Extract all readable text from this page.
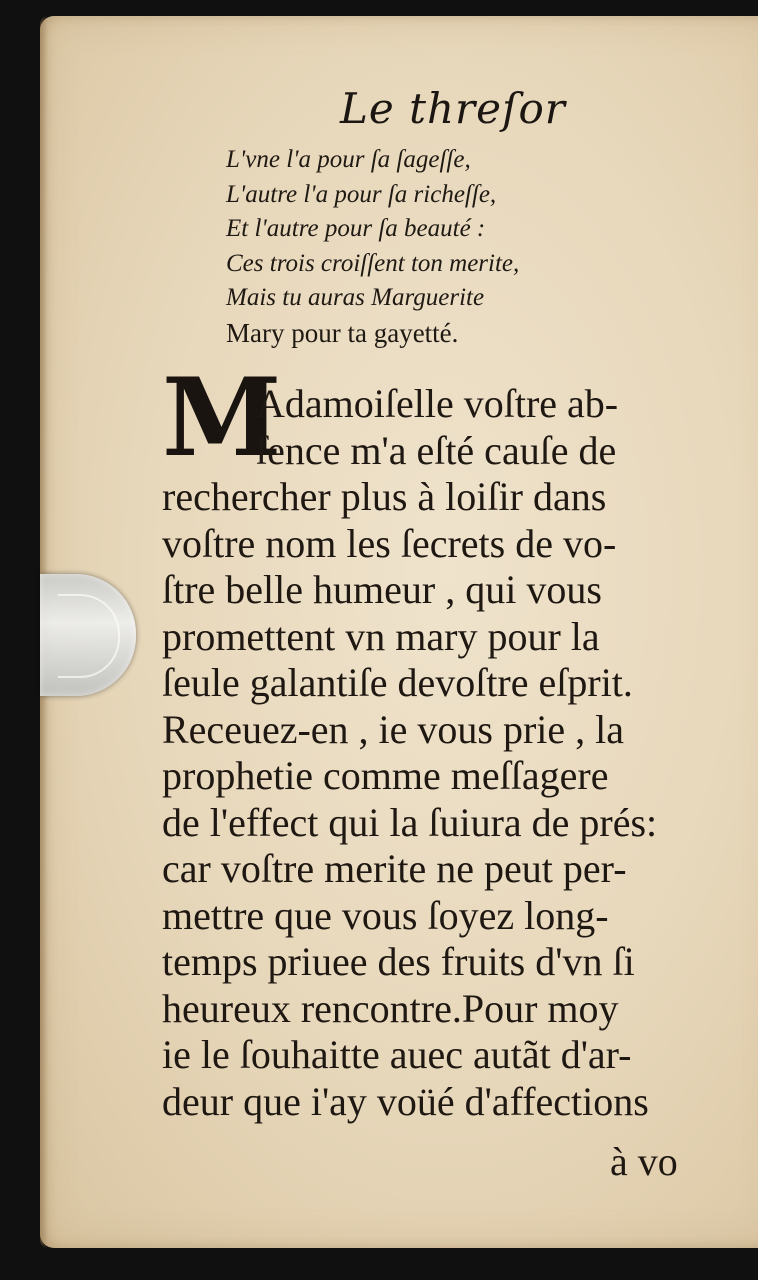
Le threſor
L'vne l'a pour ſa ſageſſe,
L'autre l'a pour ſa richeſſe,
Et l'autre pour ſa beauté :
Ces trois croiſſent ton merite,
Mais tu auras Marguerite
Mary pour ta gayetté.
M
Adamoiſelle voſtre ab-
ſence m'a eſté cauſe de
rechercher plus à loiſir dans
voſtre nom les ſecrets de vo-
ſtre belle humeur , qui vous
promettent vn mary pour la
ſeule galantiſe devoſtre eſprit.
Receuez-en , ie vous prie , la
prophetie comme meſſagere
de l'effect qui la ſuiura de prés:
car voſtre merite ne peut per-
mettre que vous ſoyez long-
temps priuee des fruits d'vn ſi
heureux rencontre.Pour moy
ie le ſouhaitte auec autãt d'ar-
deur que i'ay voüé d'affections
à vo
